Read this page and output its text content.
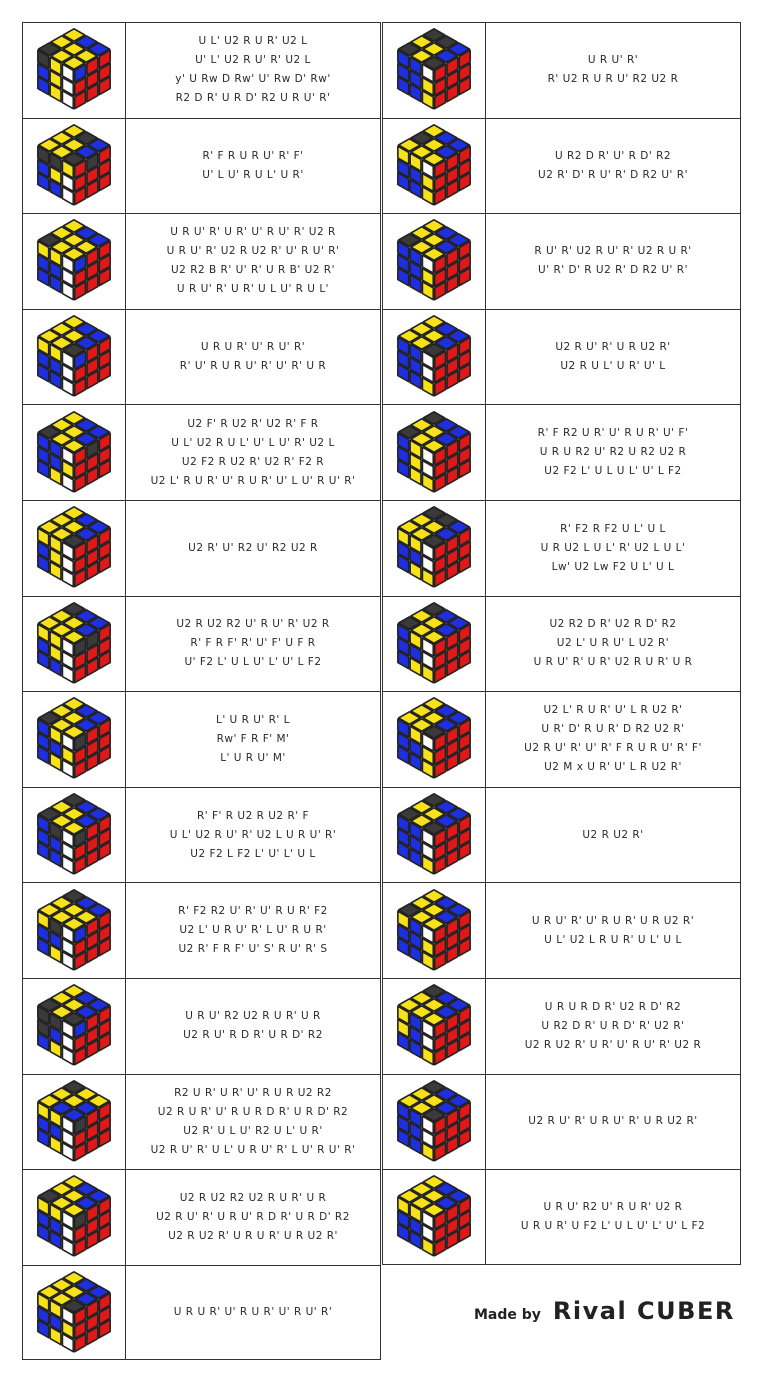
U L' U2 R U R' U2 L
U' L' U2 R U' R' U2 L
y' U Rw D Rw' U' Rw D' Rw'
R2 D R' U R D' R2 U R U' R'
R' F R U R U' R' F'
U' L U' R U L' U R'
U R U' R' U R' U' R U' R' U2 R
U R U' R' U2 R U2 R' U' R U' R'
U2 R2 B R' U' R' U R B' U2 R'
U R U' R' U R' U L U' R U L'
U R U R' U' R U' R'
R' U' R U R U' R' U' R' U R
U2 F' R U2 R' U2 R' F R
U L' U2 R U L' U' L U' R' U2 L
U2 F2 R U2 R' U2 R' F2 R
U2 L' R U R' U' R U R' U' L U' R U' R'
U2 R' U' R2 U' R2 U2 R
U2 R U2 R2 U' R U' R' U2 R
R' F R F' R' U' F' U F R
U' F2 L' U L U' L' U' L F2
L' U R U' R' L
Rw' F R F' M'
L' U R U' M'
R' F' R U2 R U2 R' F
U L' U2 R U' R' U2 L U R U' R'
U2 F2 L F2 L' U' L' U L
R' F2 R2 U' R' U' R U R' F2
U2 L' U R U' R' L U' R U R'
U2 R' F R F' U' S' R U' R' S
U R U' R2 U2 R U R' U R
U2 R U' R D R' U R D' R2
R2 U R' U R' U' R U R U2 R2
U2 R U R' U' R U R D R' U R D' R2
U2 R' U L U' R2 U L' U R'
U2 R U' R' U L' U R U' R' L U' R U' R'
U2 R U2 R2 U2 R U R' U R
U2 R U' R' U R U' R D R' U R D' R2
U2 R U2 R' U R U R' U R U2 R'
U R U R' U' R U R' U' R U' R'
U R U' R'
R' U2 R U R U' R2 U2 R
U R2 D R' U' R D' R2
U2 R' D' R U' R' D R2 U' R'
R U' R' U2 R U' R' U2 R U R'
U' R' D' R U2 R' D R2 U' R'
U2 R U' R' U R U2 R'
U2 R U L' U R' U' L
R' F R2 U R' U' R U R' U' F'
U R U R2 U' R2 U R2 U2 R
U2 F2 L' U L U L' U' L F2
R' F2 R F2 U L' U L
U R U2 L U L' R' U2 L U L'
Lw' U2 Lw F2 U L' U L
U2 R2 D R' U2 R D' R2
U2 L' U R U' L U2 R'
U R U' R' U R' U2 R U R' U R
U2 L' R U R' U' L R U2 R'
U R' D' R U R' D R2 U2 R'
U2 R U' R' U' R' F R U R U' R' F'
U2 M x U R' U' L R U2 R'
U2 R U2 R'
U R U' R' U' R U R' U R U2 R'
U L' U2 L R U R' U L' U L
U R U R D R' U2 R D' R2
U R2 D R' U R D' R' U2 R'
U2 R U2 R' U R' U' R U' R' U2 R
U2 R U' R' U R U' R' U R U2 R'
U R U' R2 U' R U R' U2 R
U R U R' U F2 L' U L U' L' U' L F2
Made by Rival CUBER
